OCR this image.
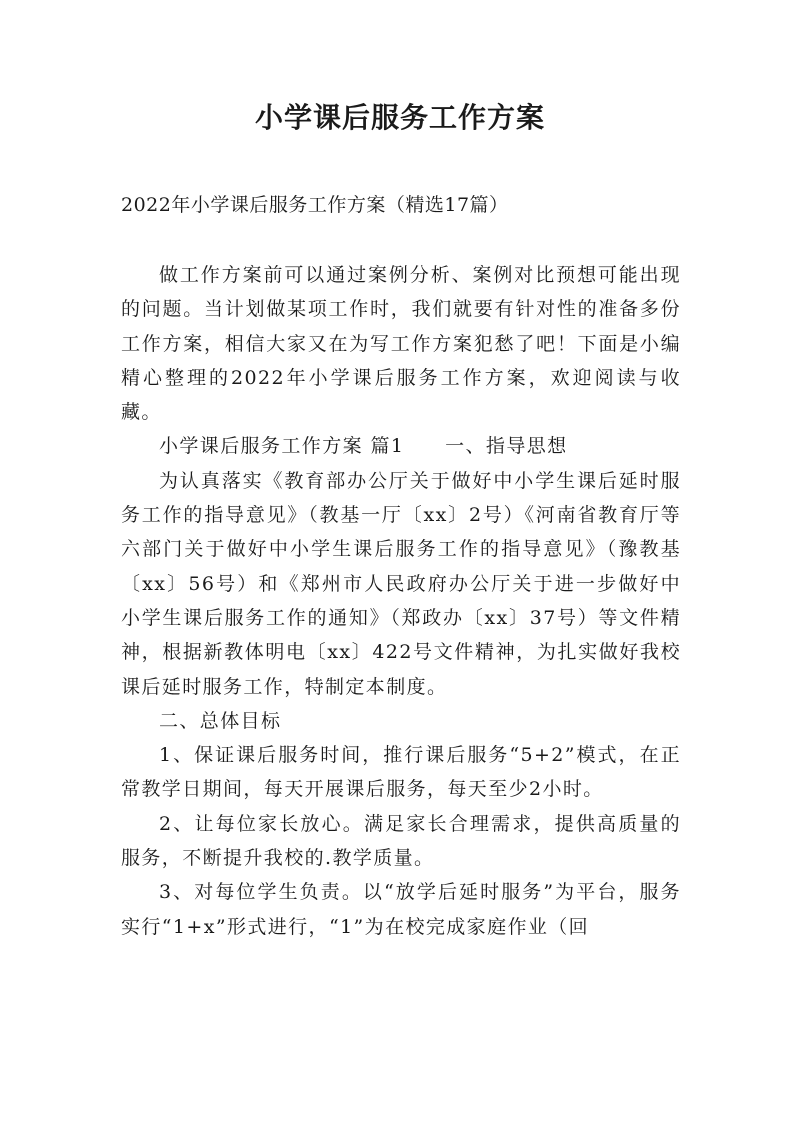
小学课后服务工作方案
2022年小学课后服务工作方案（精选17篇）

做工作方案前可以通过案例分析、案例对比预想可能出现的问题。当计划做某项工作时，我们就要有针对性的准备多份工作方案，相信大家又在为写工作方案犯愁了吧！下面是小编精心整理的2022年小学课后服务工作方案，欢迎阅读与收藏。

小学课后服务工作方案 篇1　　一、指导思想

为认真落实《教育部办公厅关于做好中小学生课后延时服务工作的指导意见》（教基一厅〔xx〕2号）《河南省教育厅等六部门关于做好中小学生课后服务工作的指导意见》（豫教基〔xx〕56号）和《郑州市人民政府办公厅关于进一步做好中小学生课后服务工作的通知》（郑政办〔xx〕37号）等文件精神，根据新教体明电〔xx〕422号文件精神，为扎实做好我校课后延时服务工作，特制定本制度。

二、总体目标

1、保证课后服务时间，推行课后服务“5+2”模式，在正常教学日期间，每天开展课后服务，每天至少2小时。

2、让每位家长放心。满足家长合理需求，提供高质量的服务，不断提升我校的.教学质量。

3、对每位学生负责。以“放学后延时服务”为平台，服务实行“1+x”形式进行，“1”为在校完成家庭作业（回
